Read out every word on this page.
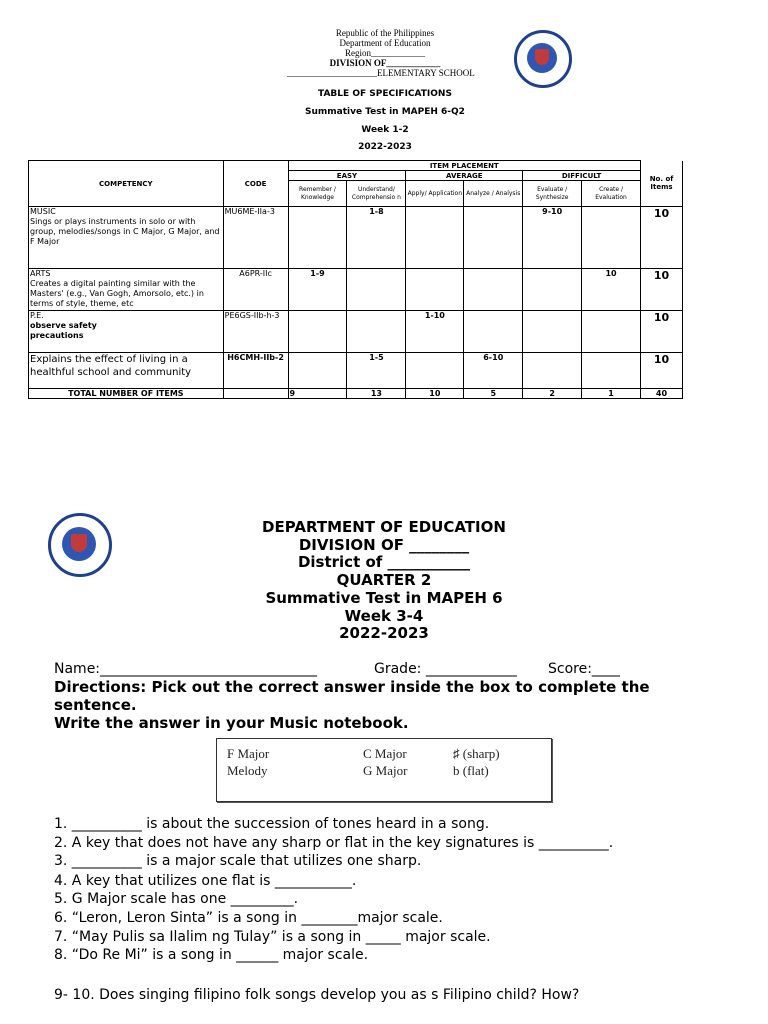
Republic of the Philippines
Department of Education
Region____________
DIVISION OF____________
____________________ELEMENTARY SCHOOL
TABLE OF SPECIFICATIONS
Summative Test in MAPEH 6-Q2
Week 1-2
2022-2023
COMPETENCY	CODE	ITEM PLACEMENT						No. of Items
		EASY		AVERAGE		DIFFICULT		
		Remember / Knowledge	Understand/ Comprehensio n	Apply/ Application	Analyze / Analysis	Evaluate / Synthesize	Create / Evaluation	

MUSIC
Sings or plays instruments in solo or with group, melodies/songs in C Major, G Major, and F Major	MU6ME-IIa-3		1-8			9-10		10

ARTS
Creates a digital painting similar with the Masters' (e.g., Van Gogh, Amorsolo, etc.) in terms of style, theme, etc	A6PR-IIc	1-9					10	10

P.E.
observe safety precautions	PE6GS-IIb-h-3			1-10				10

Explains the effect of living in a healthful school and community	H6CMH-IIb-2		1-5		6-10			10
TOTAL NUMBER OF ITEMS		9	13	10	5	2	1	40
DEPARTMENT OF EDUCATION
DIVISION OF ________
District of ___________
QUARTER 2
Summative Test in MAPEH 6
Week 3-4
2022-2023
Name:_______________________________	Grade: _____________ Score:____
Directions: Pick out the correct answer inside the box to complete the
sentence.
Write the answer in your Music notebook.
F Major	C Major	♯ (sharp)
Melody	G Major	b (flat)
1. __________ is about the succession of tones heard in a song.
2. A key that does not have any sharp or flat in the key signatures is __________.
3. __________ is a major scale that utilizes one sharp.
4. A key that utilizes one flat is ___________.
5. G Major scale has one _________.
6. “Leron, Leron Sinta” is a song in ________major scale.
7. “May Pulis sa Ilalim ng Tulay” is a song in _____ major scale.
8. “Do Re Mi” is a song in ______ major scale.
9- 10. Does singing filipino folk songs develop you as s Filipino child? How?
